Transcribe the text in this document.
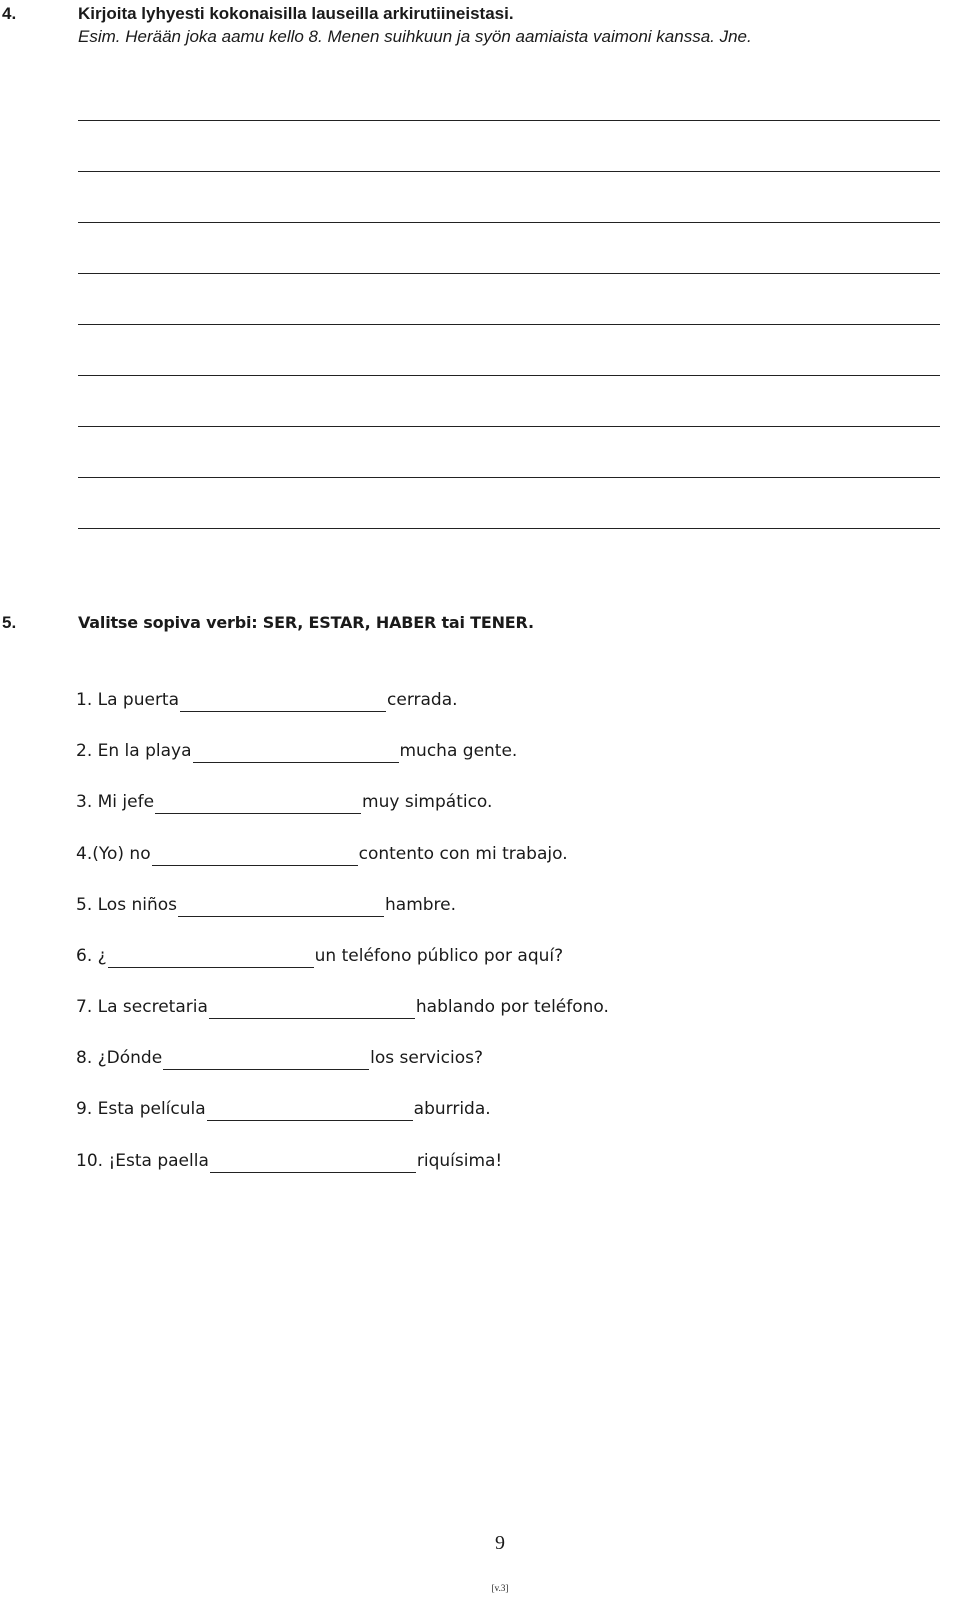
4.	Kirjoita lyhyesti kokonaisilla lauseilla arkirutiineistasi.
Esim. Herään joka aamu kello 8. Menen suihkuun ja syön aamiaista vaimoni kanssa. Jne.
5.	Valitse sopiva verbi: SER, ESTAR, HABER tai TENER.
1. La puerta	cerrada.
2. En la playa	mucha gente.
3. Mi jefe	muy simpático.
4.(Yo) no	contento con mi trabajo.
5. Los niños	hambre.
6. ¿	un teléfono público por aquí?
7. La secretaria	hablando por teléfono.
8. ¿Dónde	los servicios?
9. Esta película	aburrida.
10. ¡Esta paella	riquísima!
9
[v.3]
